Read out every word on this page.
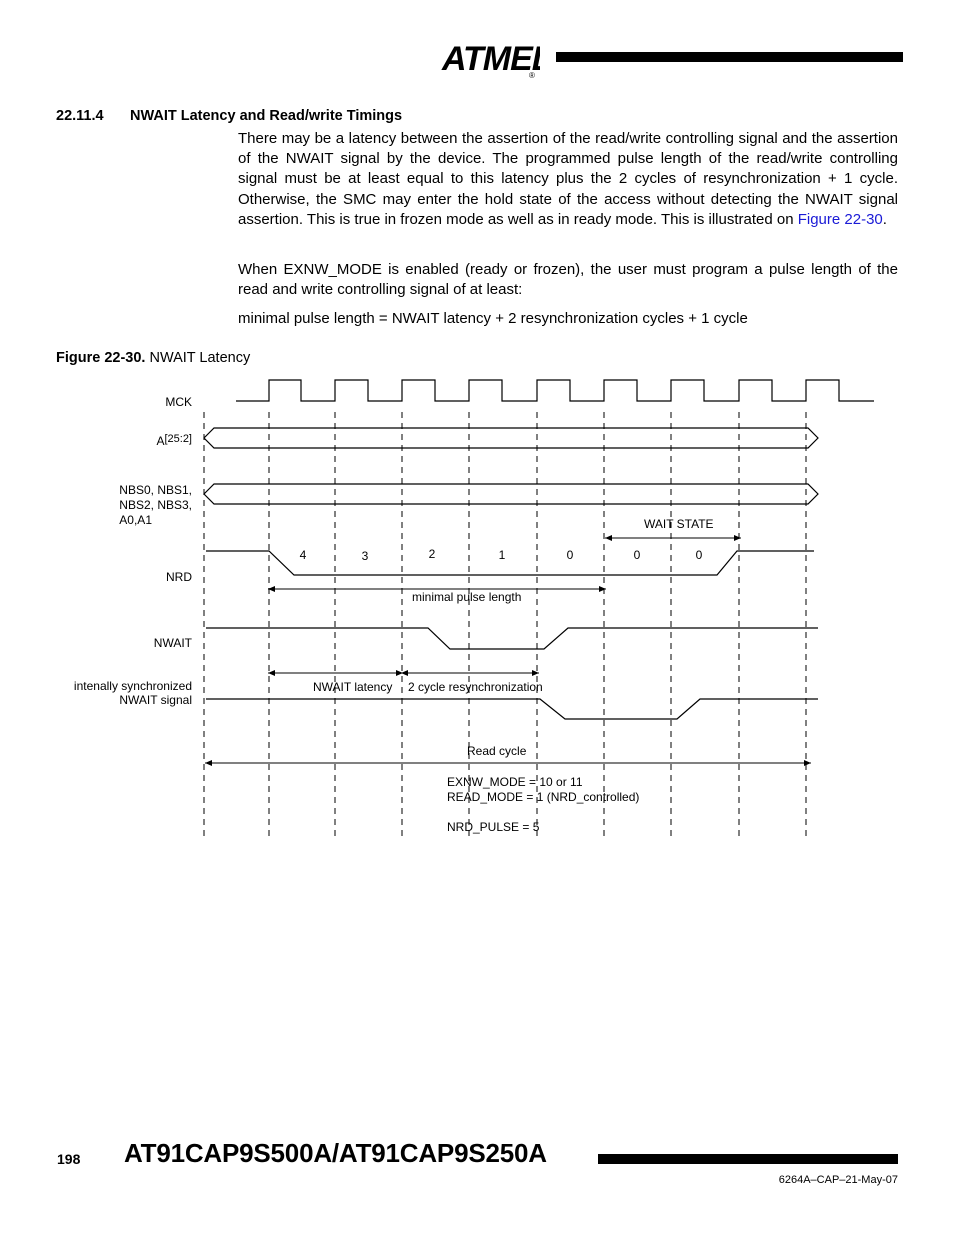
ATME
®
22.11.4 NWAIT Latency and Read/write Timings

There may be a latency between the assertion of the read/write controlling signal and the assertion of the NWAIT signal by the device. The programmed pulse length of the read/write controlling signal must be at least equal to this latency plus the 2 cycles of resynchronization + 1 cycle. Otherwise, the SMC may enter the hold state of the access without detecting the NWAIT signal assertion. This is true in frozen mode as well as in ready mode. This is illustrated on Figure 22-30.

When EXNW_MODE is enabled (ready or frozen), the user must program a pulse length of the read and write controlling signal of at least:

minimal pulse length = NWAIT latency + 2 resynchronization cycles + 1 cycle
Figure 22-30. NWAIT Latency
MCK
A[25:2]
NBS0, NBS1,
NBS2, NBS3,
A0,A1
NRD
NWAIT
intenally synchronized
NWAIT signal
4	3	2	1	0	0	0
WAIT STATE
minimal pulse length
NWAIT latency 2 cycle resynchronization
Read cycle
EXNW_MODE = 10 or 11
READ_MODE = 1 (NRD_controlled)
NRD_PULSE = 5
198 AT91CAP9S500A/AT91CAP9S250A
6264A–CAP–21-May-07
